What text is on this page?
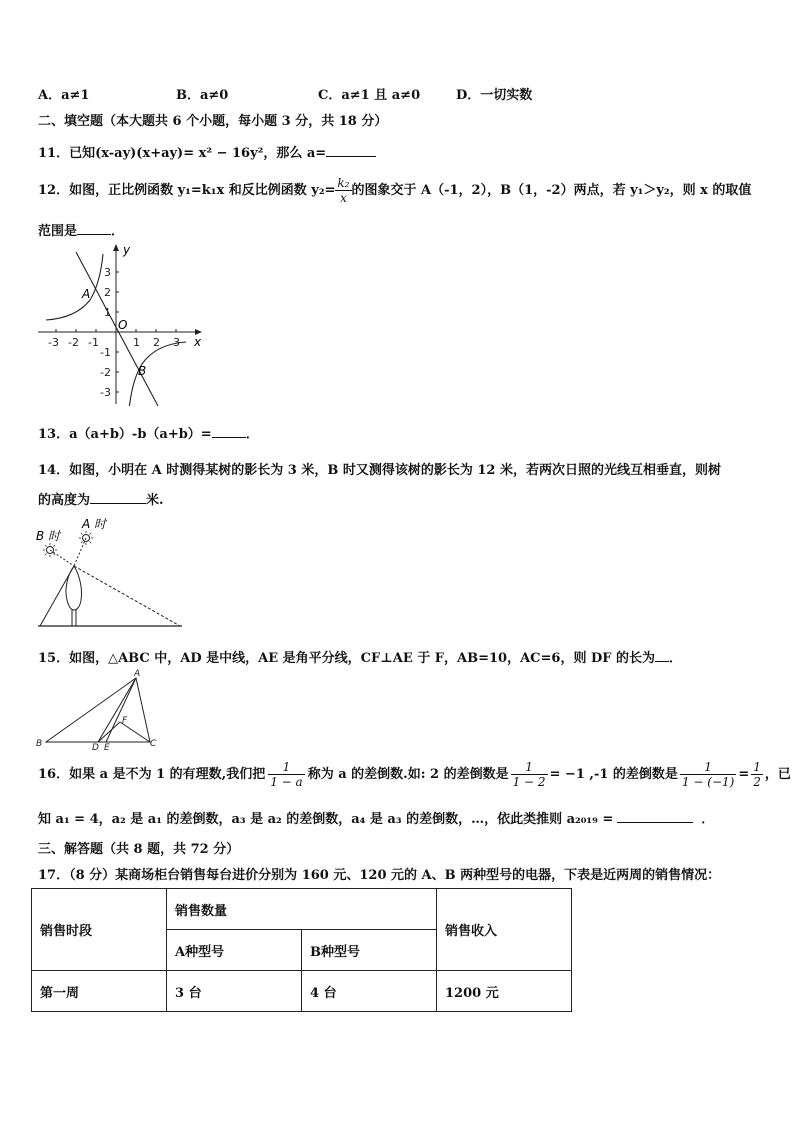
A．a≠1	B．a≠0	C．a≠1 且 a≠0	D．一切实数
二、填空题（本大题共 6 个小题，每小题 3 分，共 18 分）
11．已知(x-ay)(x+ay)= x² − 16y²，那么 a=
12．如图，正比例函数 y₁=k₁x 和反比例函数 $y_2= \frac{\text{k₂}}{x}$ 的图象交于 A（-1，2），B（1，-2）两点，若 y₁＞y₂，则 x 的取值
范围是	．
-3 -2 -1	1 2 3
3
2
1
-1
-2
-3
y
x
O
A
B
13．a（a+b）-b（a+b）=	．
14．如图，小明在 A 时测得某树的影长为 3 米，B 时又测得该树的影长为 12 米，若两次日照的光线互相垂直，则树
的高度为	米.
B 时
A 时
15．如图，△ABC 中，AD 是中线，AE 是角平分线，CF⊥AE 于 F，AB=10，AC=6，则 DF 的长为 ．
A
B	C
D E
F
16．如果 a 是不为 1 的有理数,我们把 $\frac{1}{1 - a}$ 称为 a 的差倒数.如: 2 的差倒数是 $\frac{1}{1 - 2} = -1$ ,-1 的差倒数是 $\frac{1}{1 - (-1)} = \frac{1}{2}$ ，已
知 a₁ = 4，a₂ 是 a₁ 的差倒数，a₃ 是 a₂ 的差倒数，a₄ 是 a₃ 的差倒数，…，依此类推则 a₂₀₁₉ =	．
三、解答题（共 8 题，共 72 分）
17．（8 分）某商场柜台销售每台进价分别为 160 元、120 元的 A、B 两种型号的电器，下表是近两周的销售情况：
销售时段	销售数量		销售收入
	A种型号	B种型号	
第一周	3 台	4 台	1200 元
